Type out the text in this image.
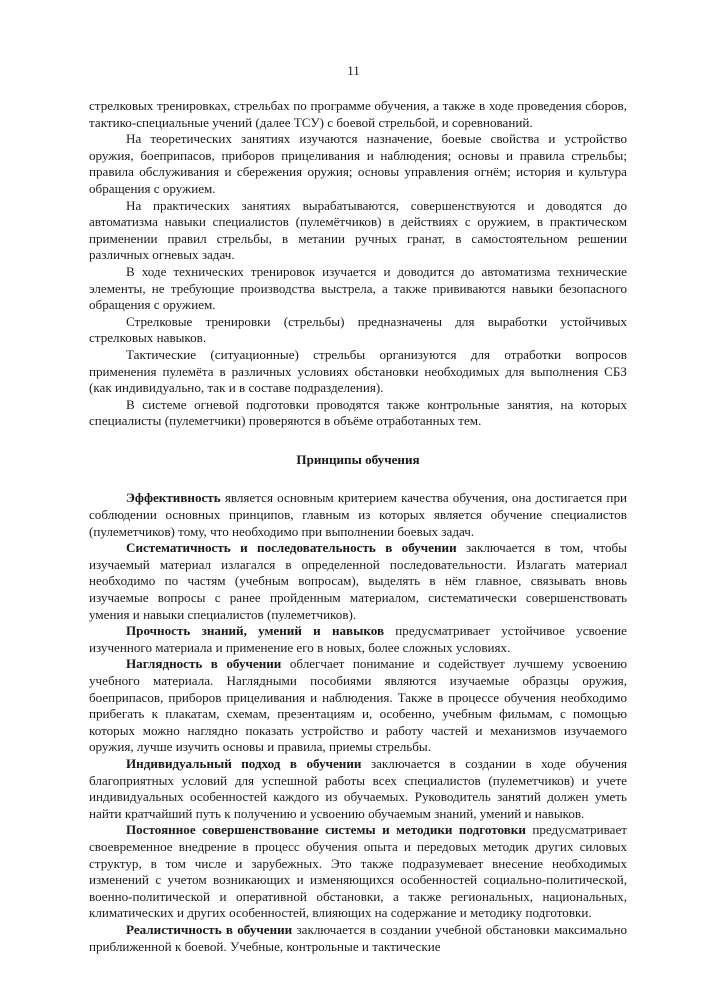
11

стрелковых тренировках, стрельбах по программе обучения, а также в ходе проведения сборов, тактико-специальные учений (далее ТСУ) с боевой стрельбой, и соревнований.

На теоретических занятиях изучаются назначение, боевые свойства и устройство оружия, боеприпасов, приборов прицеливания и наблюдения; основы и правила стрельбы; правила обслуживания и сбережения оружия; основы управления огнём; история и культура обращения с оружием.

На практических занятиях вырабатываются, совершенствуются и доводятся до автоматизма навыки специалистов (пулемётчиков) в действиях с оружием, в практическом применении правил стрельбы, в метании ручных гранат, в самостоятельном решении различных огневых задач.

В ходе технических тренировок изучается и доводится до автоматизма технические элементы, не требующие производства выстрела, а также прививаются навыки безопасного обращения с оружием.

Стрелковые тренировки (стрельбы) предназначены для выработки устойчивых стрелковых навыков.

Тактические (ситуационные) стрельбы организуются для отработки вопросов применения пулемёта в различных условиях обстановки необходимых для выполнения СБЗ (как индивидуально, так и в составе подразделения).

В системе огневой подготовки проводятся также контрольные занятия, на которых специалисты (пулеметчики) проверяются в объёме отработанных тем.

Принципы обучения

Эффективность является основным критерием качества обучения, она достигается при соблюдении основных принципов, главным из которых является обучение специалистов (пулеметчиков) тому, что необходимо при выполнении боевых задач.

Систематичность и последовательность в обучении заключается в том, чтобы изучаемый материал излагался в определенной последовательности. Излагать материал необходимо по частям (учебным вопросам), выделять в нём главное, связывать вновь изучаемые вопросы с ранее пройденным материалом, систематически совершенствовать умения и навыки специалистов (пулеметчиков).

Прочность знаний, умений и навыков предусматривает устойчивое усвоение изученного материала и применение его в новых, более сложных условиях.

Наглядность в обучении облегчает понимание и содействует лучшему усвоению учебного материала. Наглядными пособиями являются изучаемые образцы оружия, боеприпасов, приборов прицеливания и наблюдения. Также в процессе обучения необходимо прибегать к плакатам, схемам, презентациям и, особенно, учебным фильмам, с помощью которых можно наглядно показать устройство и работу частей и механизмов изучаемого оружия, лучше изучить основы и правила, приемы стрельбы.

Индивидуальный подход в обучении заключается в создании в ходе обучения благоприятных условий для успешной работы всех специалистов (пулеметчиков) и учете индивидуальных особенностей каждого из обучаемых. Руководитель занятий должен уметь найти кратчайший путь к получению и усвоению обучаемым знаний, умений и навыков.

Постоянное совершенствование системы и методики подготовки предусматривает своевременное внедрение в процесс обучения опыта и передовых методик других силовых структур, в том числе и зарубежных. Это также подразумевает внесение необходимых изменений с учетом возникающих и изменяющихся особенностей социально-политической, военно-политической и оперативной обстановки, а также региональных, национальных, климатических и других особенностей, влияющих на содержание и методику подготовки.

Реалистичность в обучении заключается в создании учебной обстановки максимально приближенной к боевой. Учебные, контрольные и тактические
